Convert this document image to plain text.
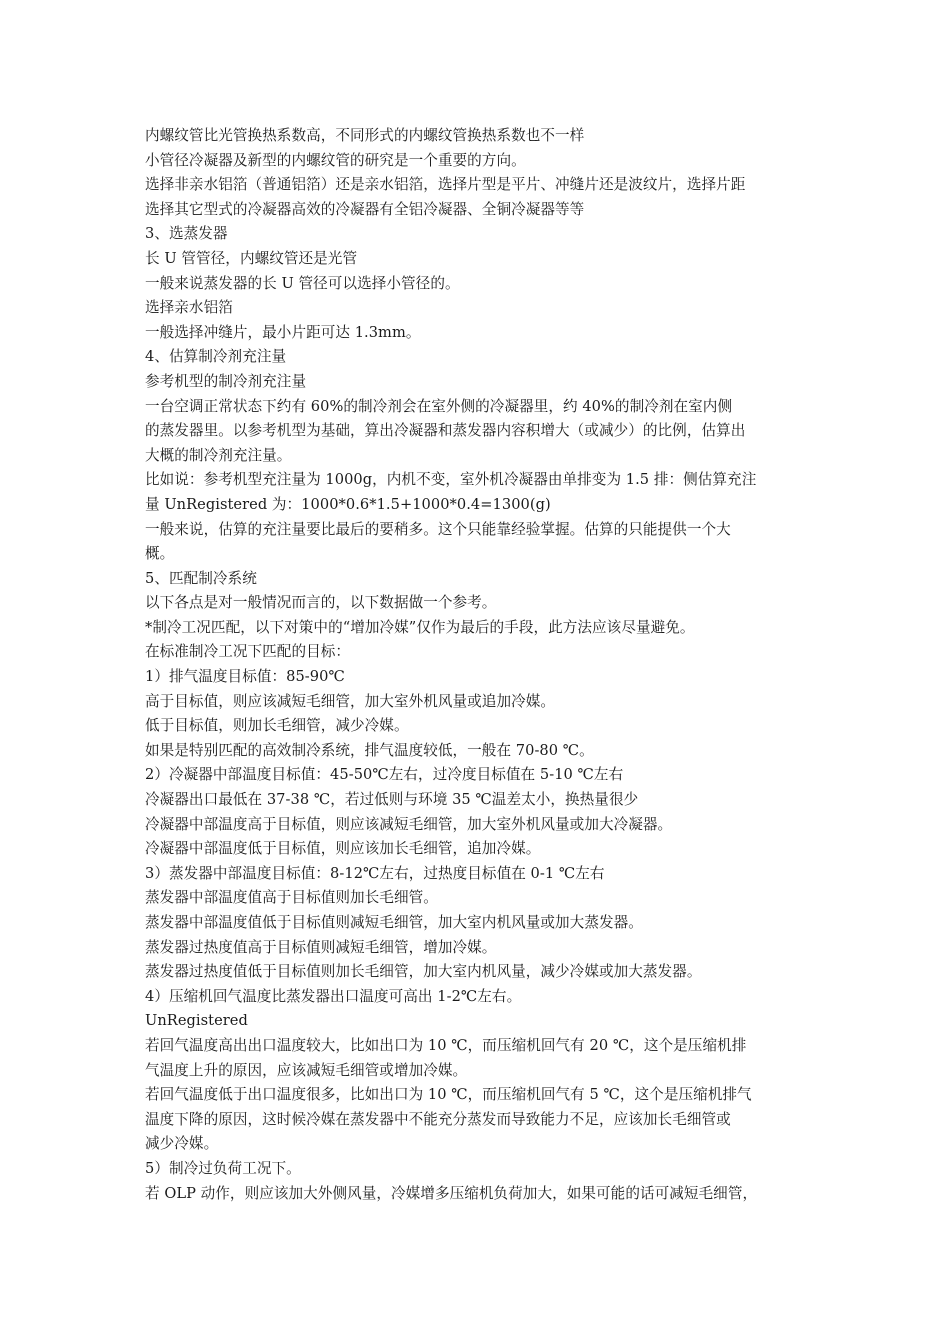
内螺纹管比光管换热系数高，不同形式的内螺纹管换热系数也不一样
小管径冷凝器及新型的内螺纹管的研究是一个重要的方向。
选择非亲水铝箔（普通铝箔）还是亲水铝箔，选择片型是平片、冲缝片还是波纹片，选择片距
选择其它型式的冷凝器高效的冷凝器有全铝冷凝器、全铜冷凝器等等
3、选蒸发器
长 U 管管径，内螺纹管还是光管
一般来说蒸发器的长 U 管径可以选择小管径的。
选择亲水铝箔
一般选择冲缝片，最小片距可达 1.3mm。
4、估算制冷剂充注量
参考机型的制冷剂充注量
一台空调正常状态下约有 60%的制冷剂会在室外侧的冷凝器里，约 40%的制冷剂在室内侧
的蒸发器里。以参考机型为基础，算出冷凝器和蒸发器内容积增大（或减少）的比例，估算出
大概的制冷剂充注量。
比如说：参考机型充注量为 1000g，内机不变，室外机冷凝器由单排变为 1.5 排：侧估算充注
量 UnRegistered 为：1000*0.6*1.5+1000*0.4=1300(g)
一般来说，估算的充注量要比最后的要稍多。这个只能靠经验掌握。估算的只能提供一个大
概。
5、匹配制冷系统
以下各点是对一般情况而言的，以下数据做一个参考。
*制冷工况匹配，以下对策中的“增加冷媒”仅作为最后的手段，此方法应该尽量避免。
在标准制冷工况下匹配的目标：
1）排气温度目标值：85-90℃
高于目标值，则应该减短毛细管，加大室外机风量或追加冷媒。
低于目标值，则加长毛细管，减少冷媒。
如果是特别匹配的高效制冷系统，排气温度较低，一般在 70-80 ℃。
2）冷凝器中部温度目标值：45-50℃左右，过冷度目标值在 5-10 ℃左右
冷凝器出口最低在 37-38 ℃，若过低则与环境 35 ℃温差太小，换热量很少
冷凝器中部温度高于目标值，则应该减短毛细管，加大室外机风量或加大冷凝器。
冷凝器中部温度低于目标值，则应该加长毛细管，追加冷媒。
3）蒸发器中部温度目标值：8-12℃左右，过热度目标值在 0-1 ℃左右
蒸发器中部温度值高于目标值则加长毛细管。
蒸发器中部温度值低于目标值则减短毛细管，加大室内机风量或加大蒸发器。
蒸发器过热度值高于目标值则减短毛细管，增加冷媒。
蒸发器过热度值低于目标值则加长毛细管，加大室内机风量，减少冷媒或加大蒸发器。
4）压缩机回气温度比蒸发器出口温度可高出 1-2℃左右。
UnRegistered
若回气温度高出出口温度较大，比如出口为 10 ℃，而压缩机回气有 20 ℃，这个是压缩机排
气温度上升的原因，应该减短毛细管或增加冷媒。
若回气温度低于出口温度很多，比如出口为 10 ℃，而压缩机回气有 5 ℃，这个是压缩机排气
温度下降的原因，这时候冷媒在蒸发器中不能充分蒸发而导致能力不足，应该加长毛细管或
减少冷媒。
5）制冷过负荷工况下。
若 OLP 动作，则应该加大外侧风量，冷媒增多压缩机负荷加大，如果可能的话可减短毛细管，
